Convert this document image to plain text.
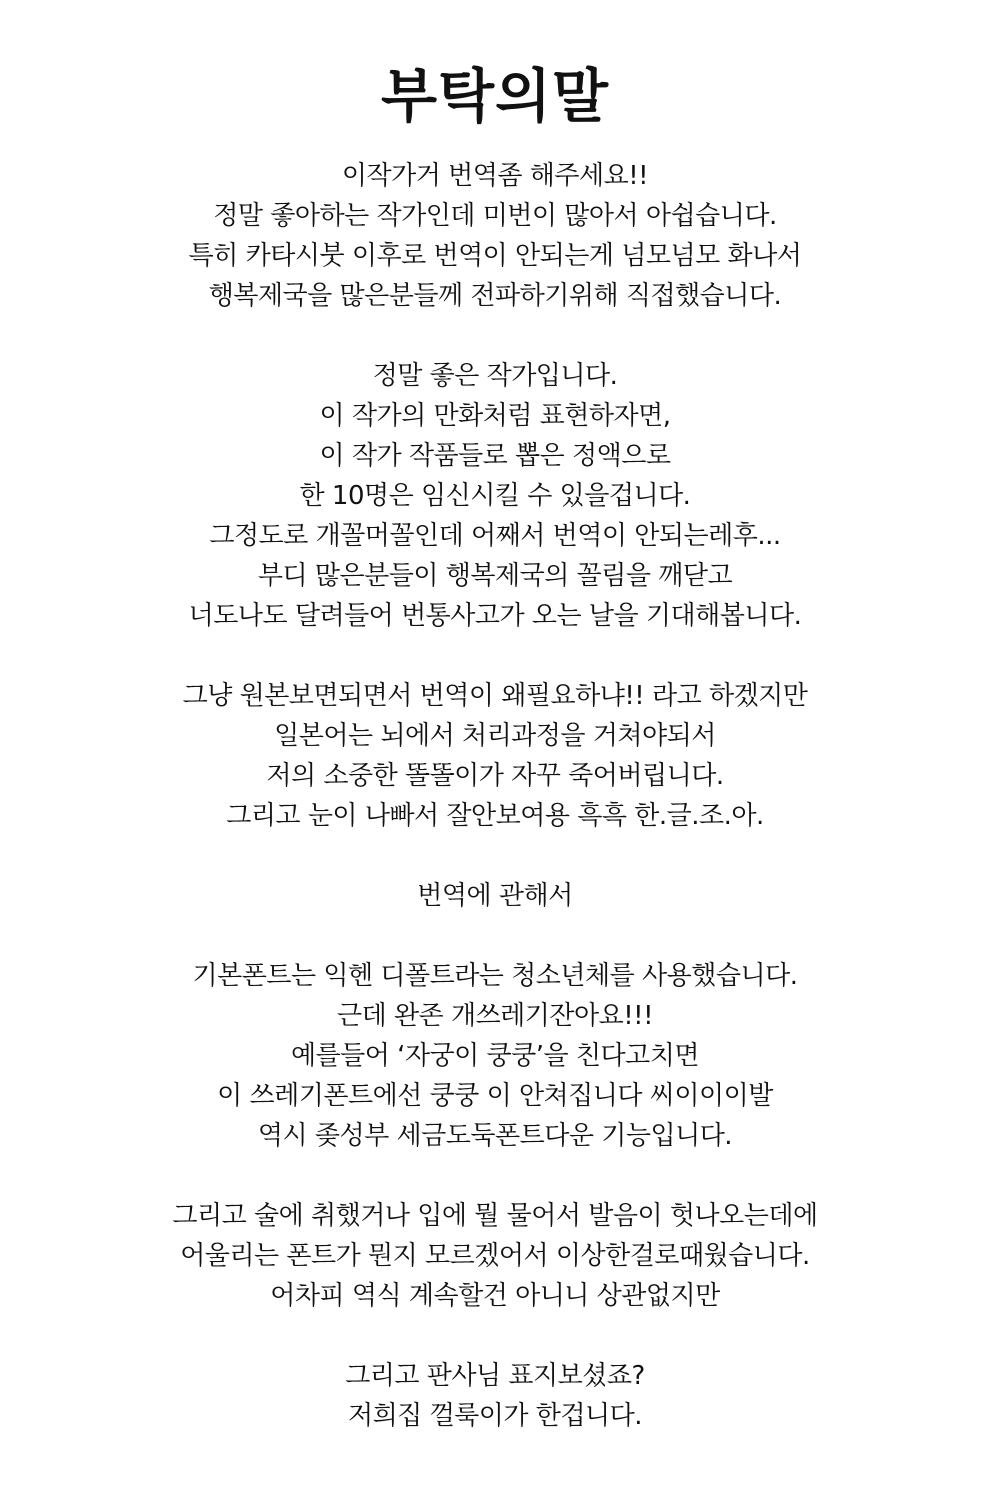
부탁의말
이작가거 번역좀 해주세요!!
정말 좋아하는 작가인데 미번이 많아서 아쉽습니다.
특히 카타시붓 이후로 번역이 안되는게 넘모넘모 화나서
행복제국을 많은분들께 전파하기위해 직접했습니다.
정말 좋은 작가입니다.
이 작가의 만화처럼 표현하자면,
이 작가 작품들로 뽑은 정액으로
한 10명은 임신시킬 수 있을겁니다.
그정도로 개꼴머꼴인데 어째서 번역이 안되는레후...
부디 많은분들이 행복제국의 꼴림을 깨닫고
너도나도 달려들어 번통사고가 오는 날을 기대해봅니다.
그냥 원본보면되면서 번역이 왜필요하냐!! 라고 하겠지만
일본어는 뇌에서 처리과정을 거쳐야되서
저의 소중한 똘똘이가 자꾸 죽어버립니다.
그리고 눈이 나빠서 잘안보여용 흑흑 한.글.조.아.
번역에 관해서
기본폰트는 익헨 디폴트라는 청소년체를 사용했습니다.
근데 완존 개쓰레기잔아요!!!
예를들어 ‘자궁이 쿵쿵’을 친다고치면
이 쓰레기폰트에선 쿵쿵 이 안쳐집니다 씨이이이발
역시 좆성부 세금도둑폰트다운 기능입니다.
그리고 술에 취했거나 입에 뭘 물어서 발음이 헛나오는데에
어울리는 폰트가 뭔지 모르겠어서 이상한걸로때웠습니다.
어차피 역식 계속할건 아니니 상관없지만
그리고 판사님 표지보셨죠?
저희집 껄룩이가 한겁니다.
